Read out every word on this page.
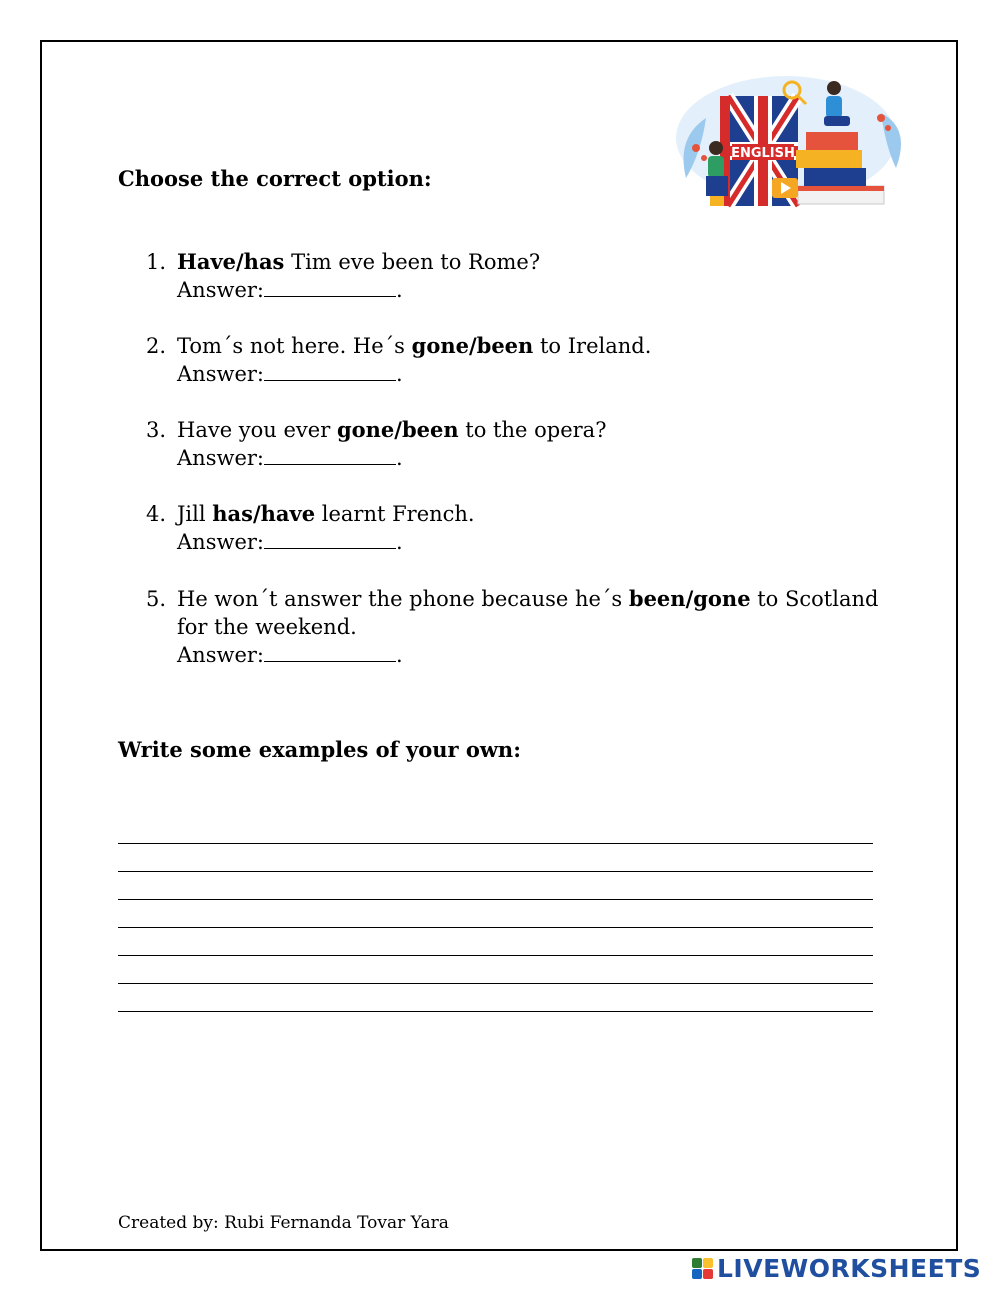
ENGLISH
Choose the correct option:
1. Have/has Tim eve been to Rome?
Answer:	.
2. Tom´s not here. He´s gone/been to Ireland.
Answer:	.
3. Have you ever gone/been to the opera?
Answer:	.
4. Jill has/have learnt French.
Answer:	.
5. He won´t answer the phone because he´s been/gone to Scotland for the weekend.
Answer:	.
Write some examples of your own:
Created by: Rubi Fernanda Tovar Yara
LIVEWORKSHEETS
